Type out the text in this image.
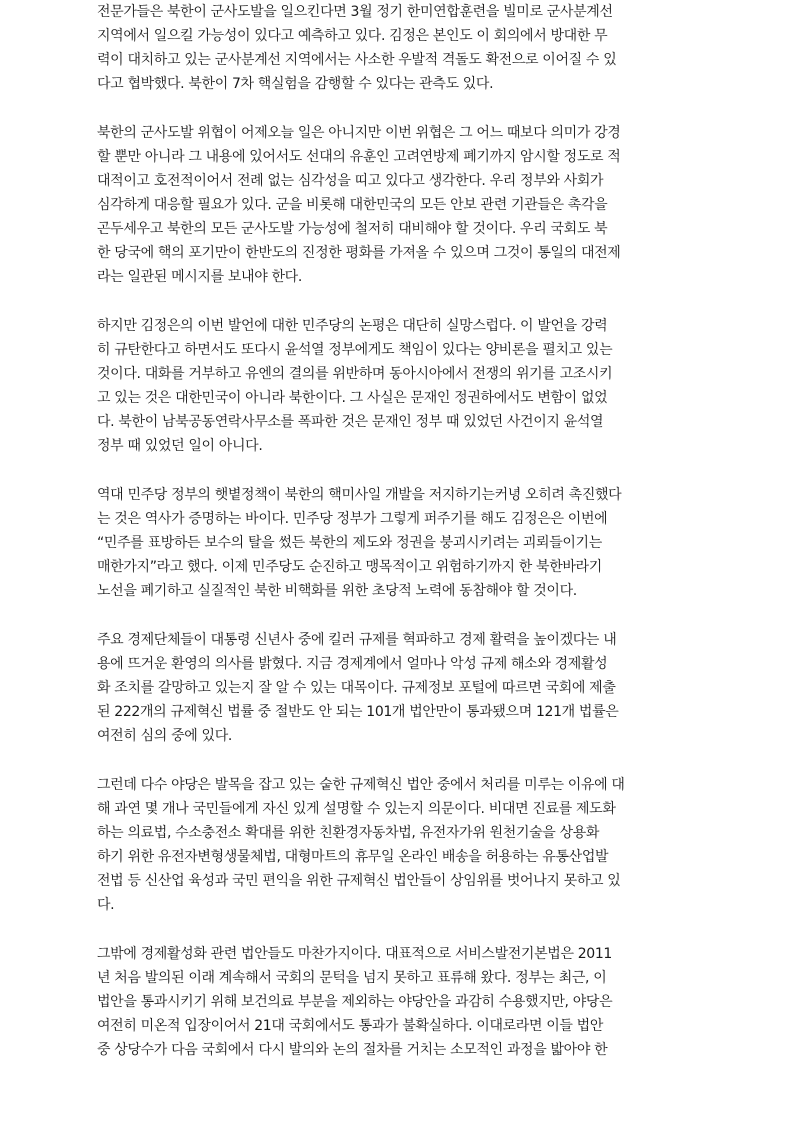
전문가들은 북한이 군사도발을 일으킨다면 3월 정기 한미연합훈련을 빌미로 군사분계선
지역에서 일으킬 가능성이 있다고 예측하고 있다. 김정은 본인도 이 회의에서 방대한 무
력이 대치하고 있는 군사분계선 지역에서는 사소한 우발적 격돌도 확전으로 이어질 수 있
다고 협박했다. 북한이 7차 핵실험을 감행할 수 있다는 관측도 있다.
북한의 군사도발 위협이 어제오늘 일은 아니지만 이번 위협은 그 어느 때보다 의미가 강경
할 뿐만 아니라 그 내용에 있어서도 선대의 유훈인 고려연방제 폐기까지 암시할 정도로 적
대적이고 호전적이어서 전례 없는 심각성을 띠고 있다고 생각한다. 우리 정부와 사회가
심각하게 대응할 필요가 있다. 군을 비롯해 대한민국의 모든 안보 관련 기관들은 촉각을
곤두세우고 북한의 모든 군사도발 가능성에 철저히 대비해야 할 것이다. 우리 국회도 북
한 당국에 핵의 포기만이 한반도의 진정한 평화를 가져올 수 있으며 그것이 통일의 대전제
라는 일관된 메시지를 보내야 한다.
하지만 김정은의 이번 발언에 대한 민주당의 논평은 대단히 실망스럽다. 이 발언을 강력
히 규탄한다고 하면서도 또다시 윤석열 정부에게도 책임이 있다는 양비론을 펼치고 있는
것이다. 대화를 거부하고 유엔의 결의를 위반하며 동아시아에서 전쟁의 위기를 고조시키
고 있는 것은 대한민국이 아니라 북한이다. 그 사실은 문재인 정권하에서도 변함이 없었
다. 북한이 남북공동연락사무소를 폭파한 것은 문재인 정부 때 있었던 사건이지 윤석열
정부 때 있었던 일이 아니다.
역대 민주당 정부의 햇볕정책이 북한의 핵미사일 개발을 저지하기는커녕 오히려 촉진했다
는 것은 역사가 증명하는 바이다. 민주당 정부가 그렇게 퍼주기를 해도 김정은은 이번에
“민주를 표방하든 보수의 탈을 썼든 북한의 제도와 정권을 붕괴시키려는 괴뢰들이기는
매한가지”라고 했다. 이제 민주당도 순진하고 맹목적이고 위험하기까지 한 북한바라기
노선을 폐기하고 실질적인 북한 비핵화를 위한 초당적 노력에 동참해야 할 것이다.
주요 경제단체들이 대통령 신년사 중에 킬러 규제를 혁파하고 경제 활력을 높이겠다는 내
용에 뜨거운 환영의 의사를 밝혔다. 지금 경제계에서 얼마나 악성 규제 해소와 경제활성
화 조치를 갈망하고 있는지 잘 알 수 있는 대목이다. 규제정보 포털에 따르면 국회에 제출
된 222개의 규제혁신 법률 중 절반도 안 되는 101개 법안만이 통과됐으며 121개 법률은
여전히 심의 중에 있다.
그런데 다수 야당은 발목을 잡고 있는 숱한 규제혁신 법안 중에서 처리를 미루는 이유에 대
해 과연 몇 개나 국민들에게 자신 있게 설명할 수 있는지 의문이다. 비대면 진료를 제도화
하는 의료법, 수소충전소 확대를 위한 친환경자동차법, 유전자가위 원천기술을 상용화
하기 위한 유전자변형생물체법, 대형마트의 휴무일 온라인 배송을 허용하는 유통산업발
전법 등 신산업 육성과 국민 편익을 위한 규제혁신 법안들이 상임위를 벗어나지 못하고 있
다.
그밖에 경제활성화 관련 법안들도 마찬가지이다. 대표적으로 서비스발전기본법은 2011
년 처음 발의된 이래 계속해서 국회의 문턱을 넘지 못하고 표류해 왔다. 정부는 최근, 이
법안을 통과시키기 위해 보건의료 부분을 제외하는 야당안을 과감히 수용했지만, 야당은
여전히 미온적 입장이어서 21대 국회에서도 통과가 불확실하다. 이대로라면 이들 법안
중 상당수가 다음 국회에서 다시 발의와 논의 절차를 거치는 소모적인 과정을 밟아야 한
